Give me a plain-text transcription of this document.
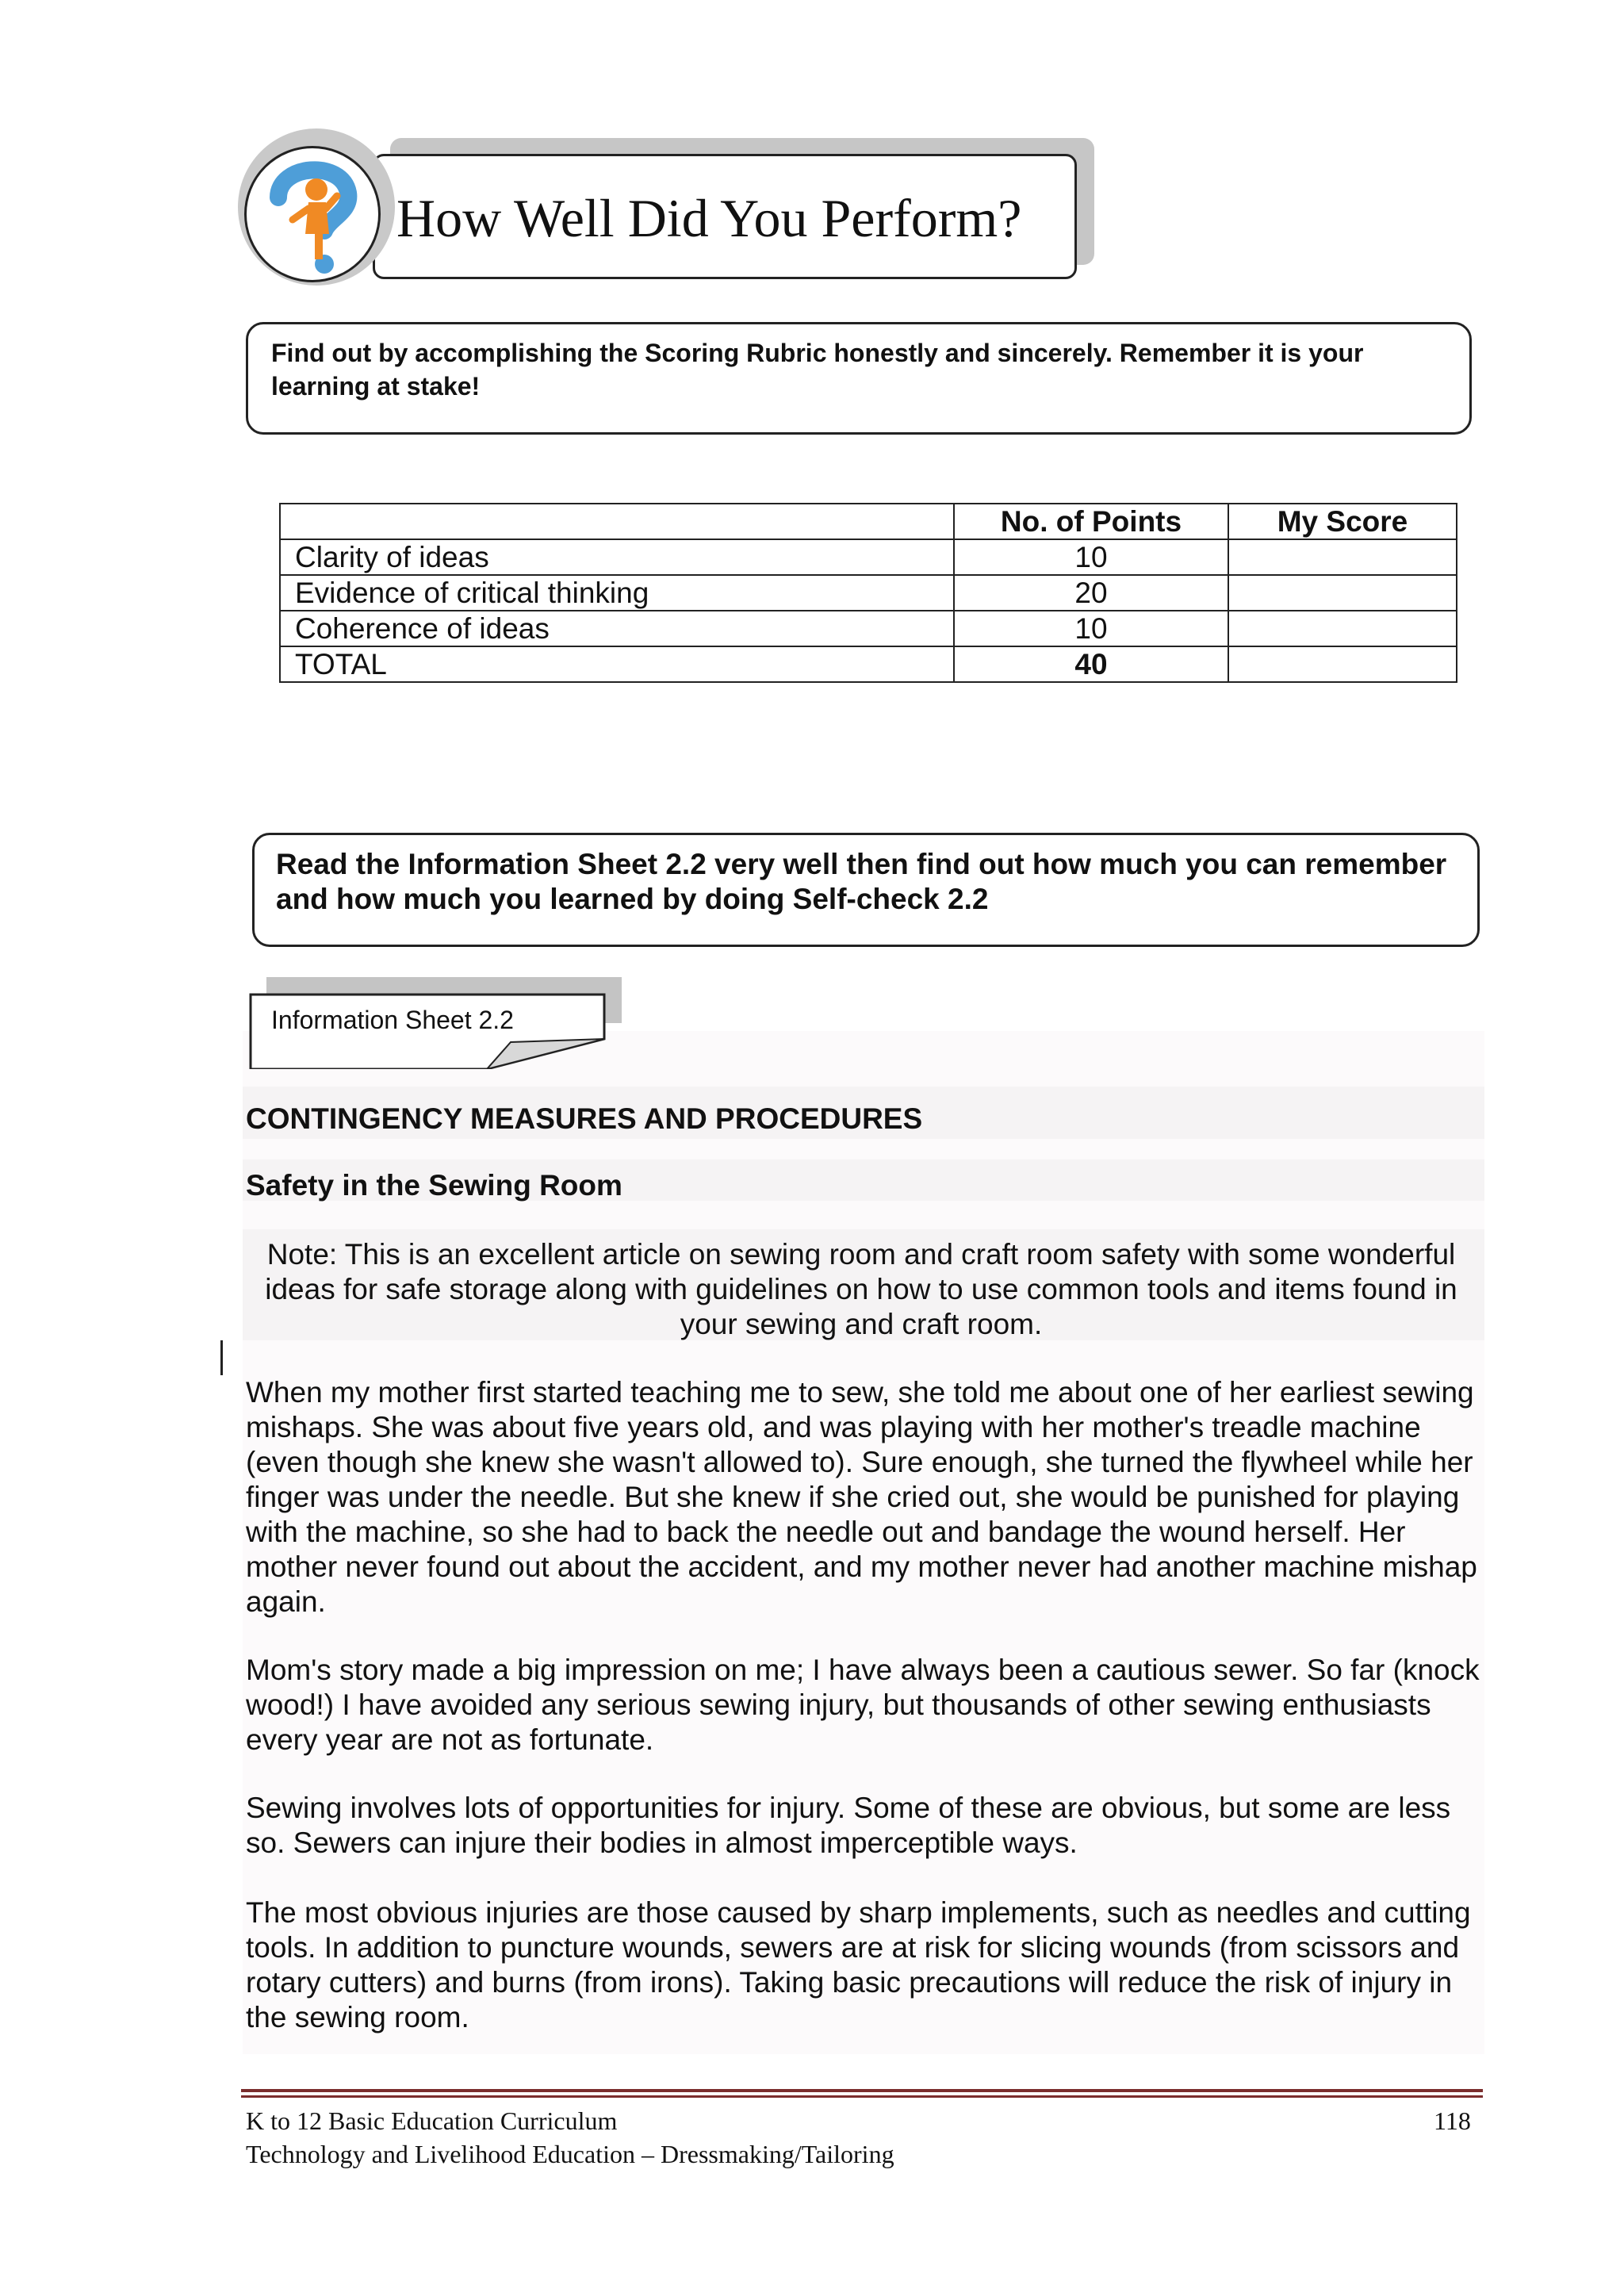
How Well Did You Perform?
Find out by accomplishing the Scoring Rubric honestly and sincerely. Remember it is your learning at stake!
	No. of Points	My Score
Clarity of ideas	10	
Evidence of critical thinking	20	
Coherence of ideas	10	
TOTAL	40	
Read the Information Sheet 2.2 very well then find out how much you can remember and how much you learned by doing Self-check 2.2
Information Sheet 2.2
CONTINGENCY MEASURES AND PROCEDURES
Safety in the Sewing Room
Note: This is an excellent article on sewing room and craft room safety with some wonderful ideas for safe storage along with guidelines on how to use common tools and items found in your sewing and craft room.
When my mother first started teaching me to sew, she told me about one of her earliest sewing mishaps. She was about five years old, and was playing with her mother's treadle machine (even though she knew she wasn't allowed to). Sure enough, she turned the flywheel while her finger was under the needle. But she knew if she cried out, she would be punished for playing with the machine, so she had to back the needle out and bandage the wound herself. Her mother never found out about the accident, and my mother never had another machine mishap again.
Mom's story made a big impression on me; I have always been a cautious sewer. So far (knock wood!) I have avoided any serious sewing injury, but thousands of other sewing enthusiasts every year are not as fortunate.
Sewing involves lots of opportunities for injury. Some of these are obvious, but some are less so. Sewers can injure their bodies in almost imperceptible ways.
The most obvious injuries are those caused by sharp implements, such as needles and cutting tools. In addition to puncture wounds, sewers are at risk for slicing wounds (from scissors and rotary cutters) and burns (from irons). Taking basic precautions will reduce the risk of injury in the sewing room.
K to 12 Basic Education Curriculum
Technology and Livelihood Education – Dressmaking/Tailoring
118
